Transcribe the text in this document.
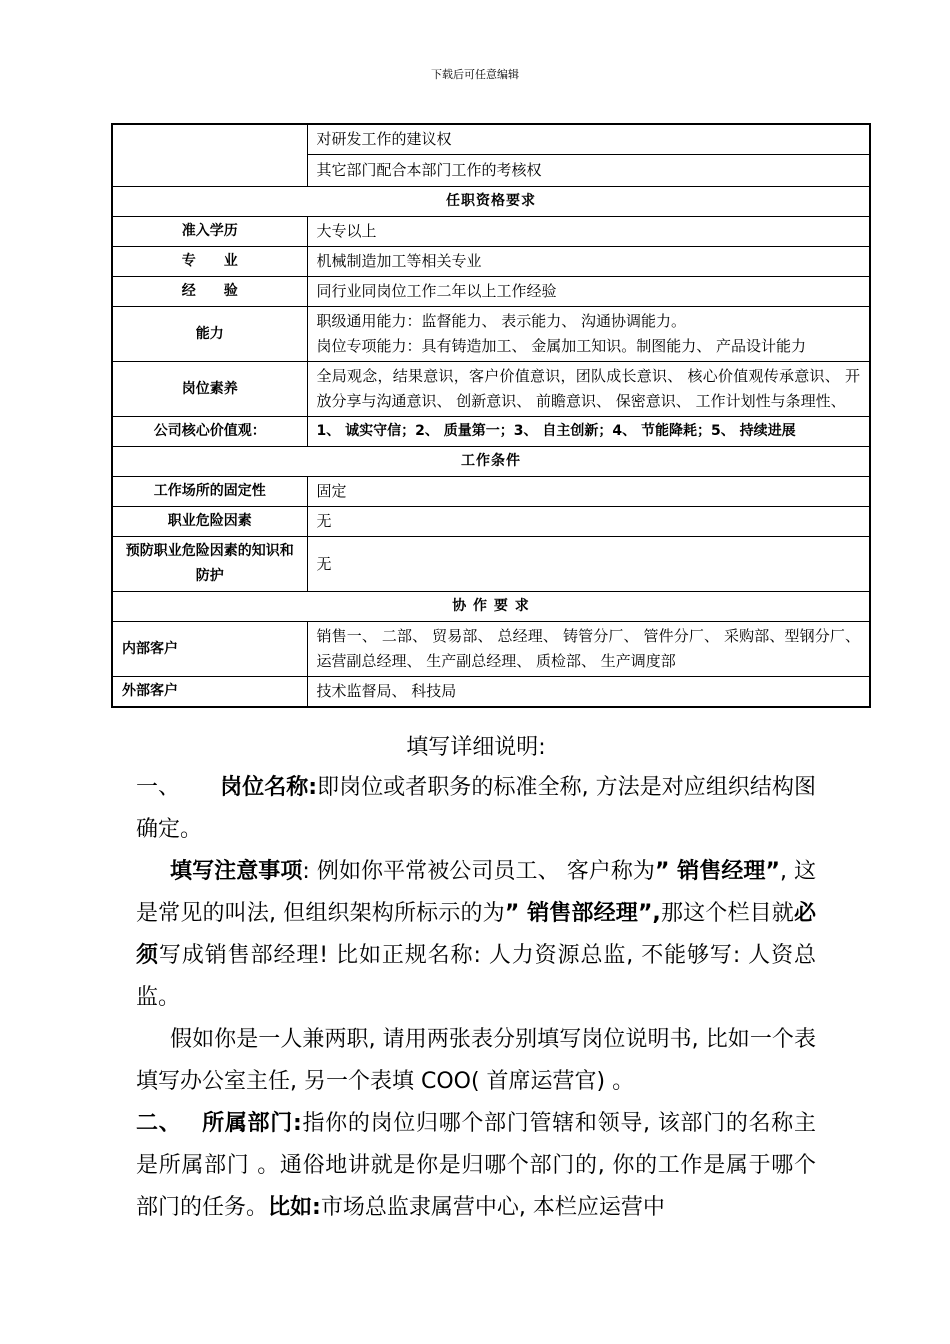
下载后可任意编辑
	对研发工作的建议权
	其它部门配合本部门工作的考核权
任职资格要求	
准入学历	大专以上
专　　业	机械制造加工等相关专业
经　　验	同行业同岗位工作二年以上工作经验
能力	职级通用能力：监督能力、 表示能力、 沟通协调能力。
岗位专项能力：具有铸造加工、 金属加工知识。制图能力、 产品设计能力

岗位素养	全局观念，结果意识，客户价值意识，团队成长意识、 核心价值观传承意识、 开放分享与沟通意识、 创新意识、 前瞻意识、 保密意识、 工作计划性与条理性、
公司核心价值观：	1、 诚实守信；2、 质量第一；3、 自主创新；4、 节能降耗；5、 持续进展
工作条件	
工作场所的固定性	固定
职业危险因素	无
预防职业危险因素的知识和防护	无
协 作 要 求	
内部客户	销售一、 二部、 贸易部、 总经理、 铸管分厂、 管件分厂、 采购部、型钢分厂、 运营副总经理、 生产副总经理、 质检部、 生产调度部
外部客户	技术监督局、 科技局
填写详细说明:

一、 岗位名称:即岗位或者职务的标准全称, 方法是对应组织结构图确定。

填写注意事项: 例如你平常被公司员工、 客户称为” 销售经理”, 这是常见的叫法, 但组织架构所标示的为” 销售部经理”,那这个栏目就必须写成销售部经理! 比如正规名称: 人力资源总监, 不能够写: 人资总监。

假如你是一人兼两职, 请用两张表分别填写岗位说明书, 比如一个表填写办公室主任, 另一个表填 COO( 首席运营官) 。

二、 所属部门:指你的岗位归哪个部门管辖和领导, 该部门的名称主是所属部门 。通俗地讲就是你是归哪个部门的, 你的工作是属于哪个部门的任务。比如:市场总监隶属营中心, 本栏应运营中
